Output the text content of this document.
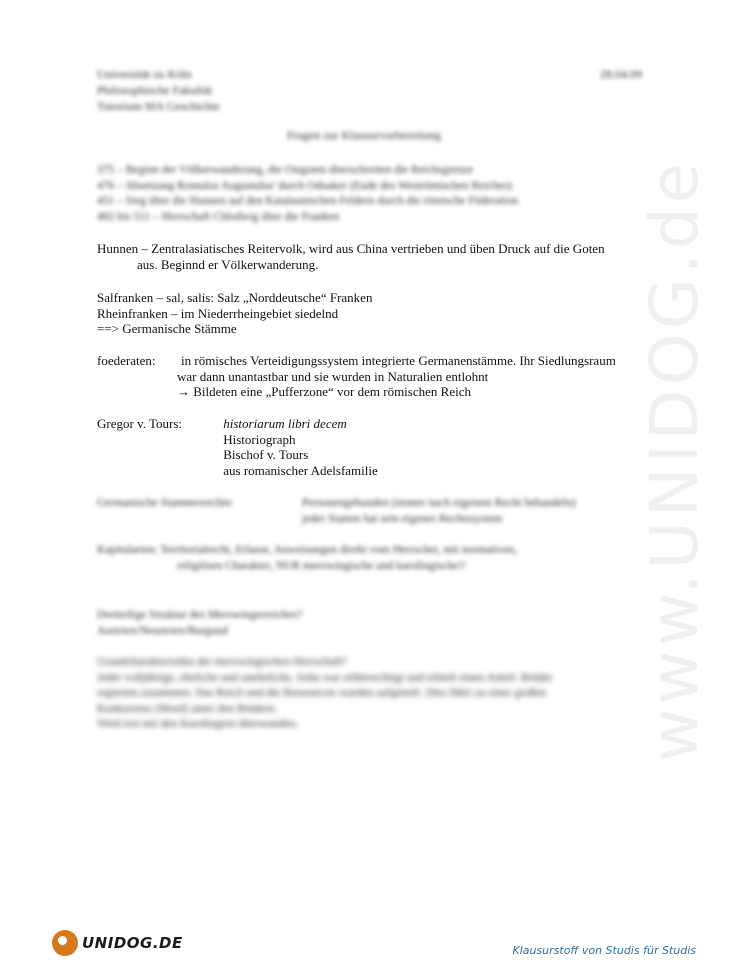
www.UNIDOG.de
Universität zu Köln
Philosophische Fakultät
Tutorium MA Geschichte
28.04.09
Fragen zur Klausurvorbereitung
375 – Beginn der Völkerwanderung, die Ostgoten überschreiten die Reichsgrenze
476 – Absetzung Romulus Augustulus' durch Odoaker (Ende des Weströmischen Reiches)
451 – Sieg über die Hunnen auf den Katalaunischen Feldern durch die römische Föderation
482 bis 511 – Herrschaft Chlodwig über die Franken
Hunnen – Zentralasiatisches Reitervolk, wird aus China vertrieben und üben Druck auf die Goten
aus. Beginnd er Völkerwanderung.
Salfranken – sal, salis: Salz „Norddeutsche“ Franken
Rheinfranken – im Niederrheingebiet siedelnd
==> Germanische Stämme
foederaten:	in römisches Verteidigungssystem integrierte Germanenstämme. Ihr Siedlungsraum
war dann unantastbar und sie wurden in Naturalien entlohnt
→ Bildeten eine „Pufferzone“ vor dem römischen Reich
Gregor v. Tours:	historiarum libri decem
Historiograph
Bischof v. Tours
aus romanischer Adelsfamilie
Germanische Stammesrechte:	Personengebunden (immer nach eigenem Recht behandeln)
jeder Stamm hat sein eigenes Rechtssystem
Kapitularien: Territorialrecht, Erlasse, Anweisungen direkt vom Herrscher, mit normativen,
religiösen Charakter, NUR merowingische und karolingische!!
Dreiteilige Struktur des Merowingerreiches?
Austrien/Neustrien/Burgund
Grundcharakteristika der merowingischen Herrschaft?
Jeder volljährige, eheliche und uneheliche, Sohn war erbberechtigt und erhielt einen Anteil. Brüder
regierten zusammen. Das Reich und die Ressourcen wurden aufgeteilt. Dies führt zu einer großen
Konkurrenz (Mord) unter den Brüdern.
Wird erst mit den Karolingern überwunden.
UNIDOG.DE	Klausurstoff von Studis für Studis
